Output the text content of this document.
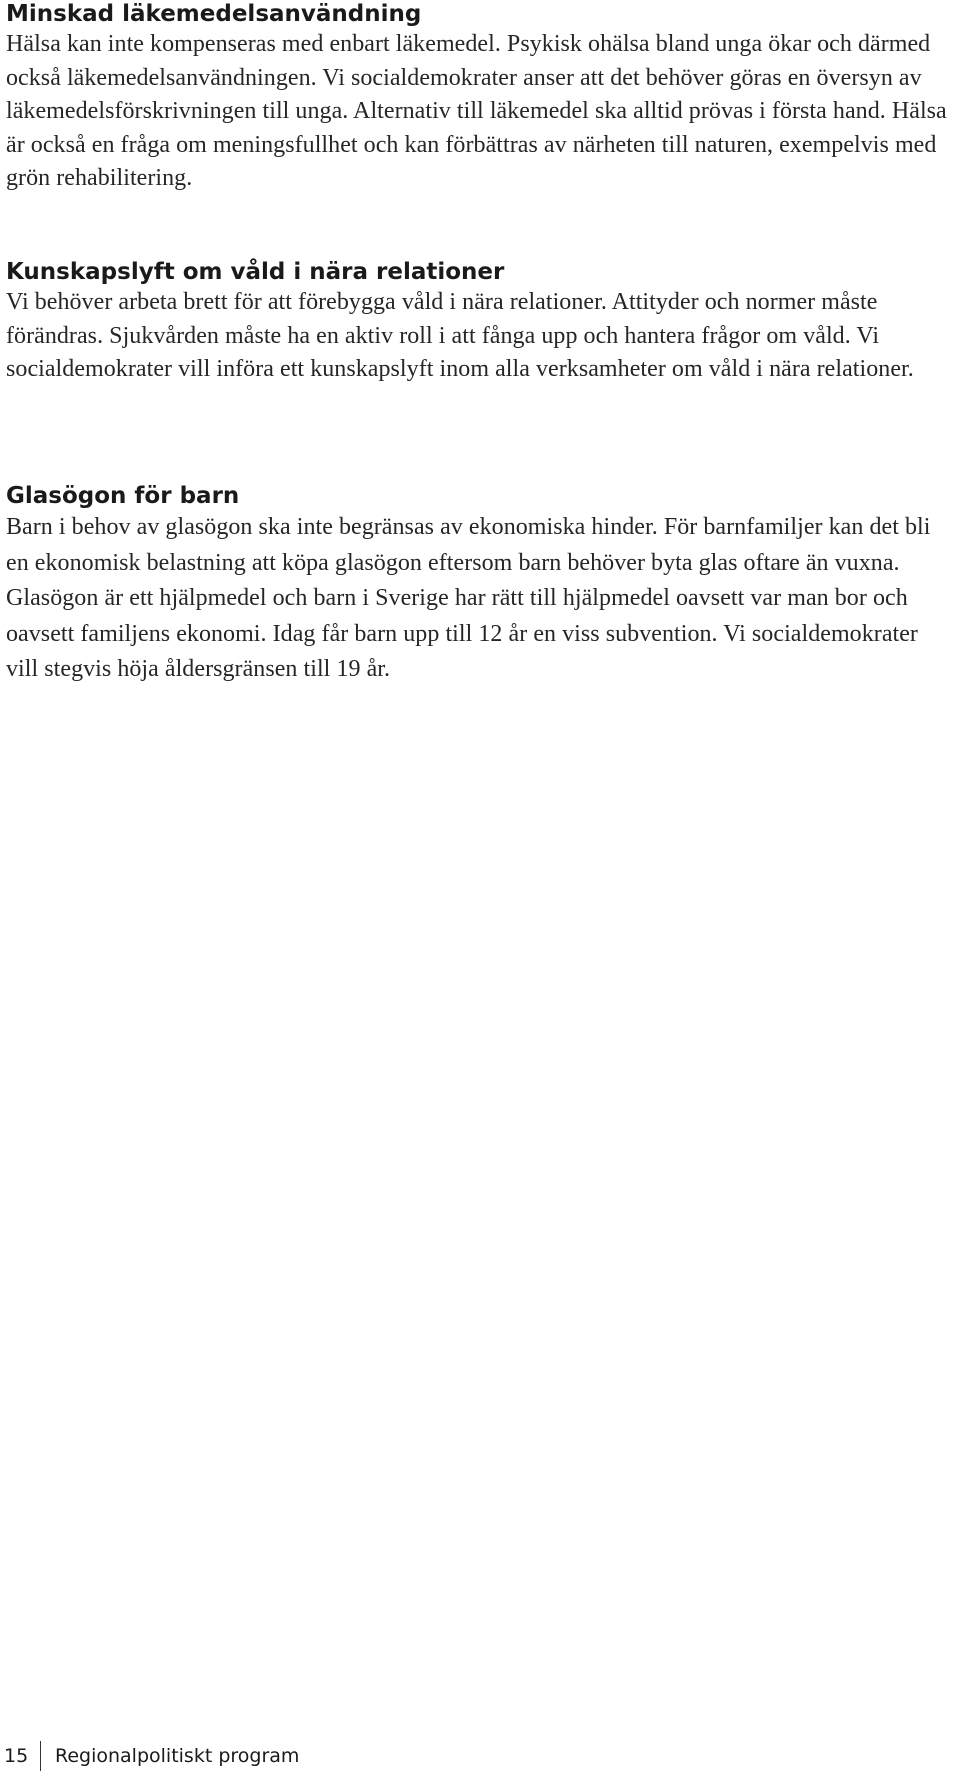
Minskad läkemedelsanvändning

Hälsa kan inte kompenseras med enbart läkemedel. Psykisk ohälsa bland unga ökar och därmed också läkemedelsanvändningen. Vi socialdemokrater anser att det behöver göras en översyn av läkemedelsförskrivningen till unga. Alternativ till läkemedel ska alltid prövas i första hand. Hälsa är också en fråga om meningsfullhet och kan förbättras av närheten till naturen, exempelvis med grön rehabilitering.

Kunskapslyft om våld i nära relationer

Vi behöver arbeta brett för att förebygga våld i nära relationer. Attityder och normer måste förändras. Sjukvården måste ha en aktiv roll i att fånga upp och hantera frågor om våld. Vi socialdemokrater vill införa ett kunskapslyft inom alla verksamheter om våld i nära relationer.

Glasögon för barn

Barn i behov av glasögon ska inte begränsas av ekonomiska hinder. För barnfamiljer kan det bli en ekonomisk belastning att köpa glasögon eftersom barn behöver byta glas oftare än vuxna. Glasögon är ett hjälpmedel och barn i Sverige har rätt till hjälpmedel oavsett var man bor och oavsett familjens ekonomi. Idag får barn upp till 12 år en viss subvention. Vi socialdemokrater vill stegvis höja åldersgränsen till 19 år.

15	Regionalpolitiskt program
